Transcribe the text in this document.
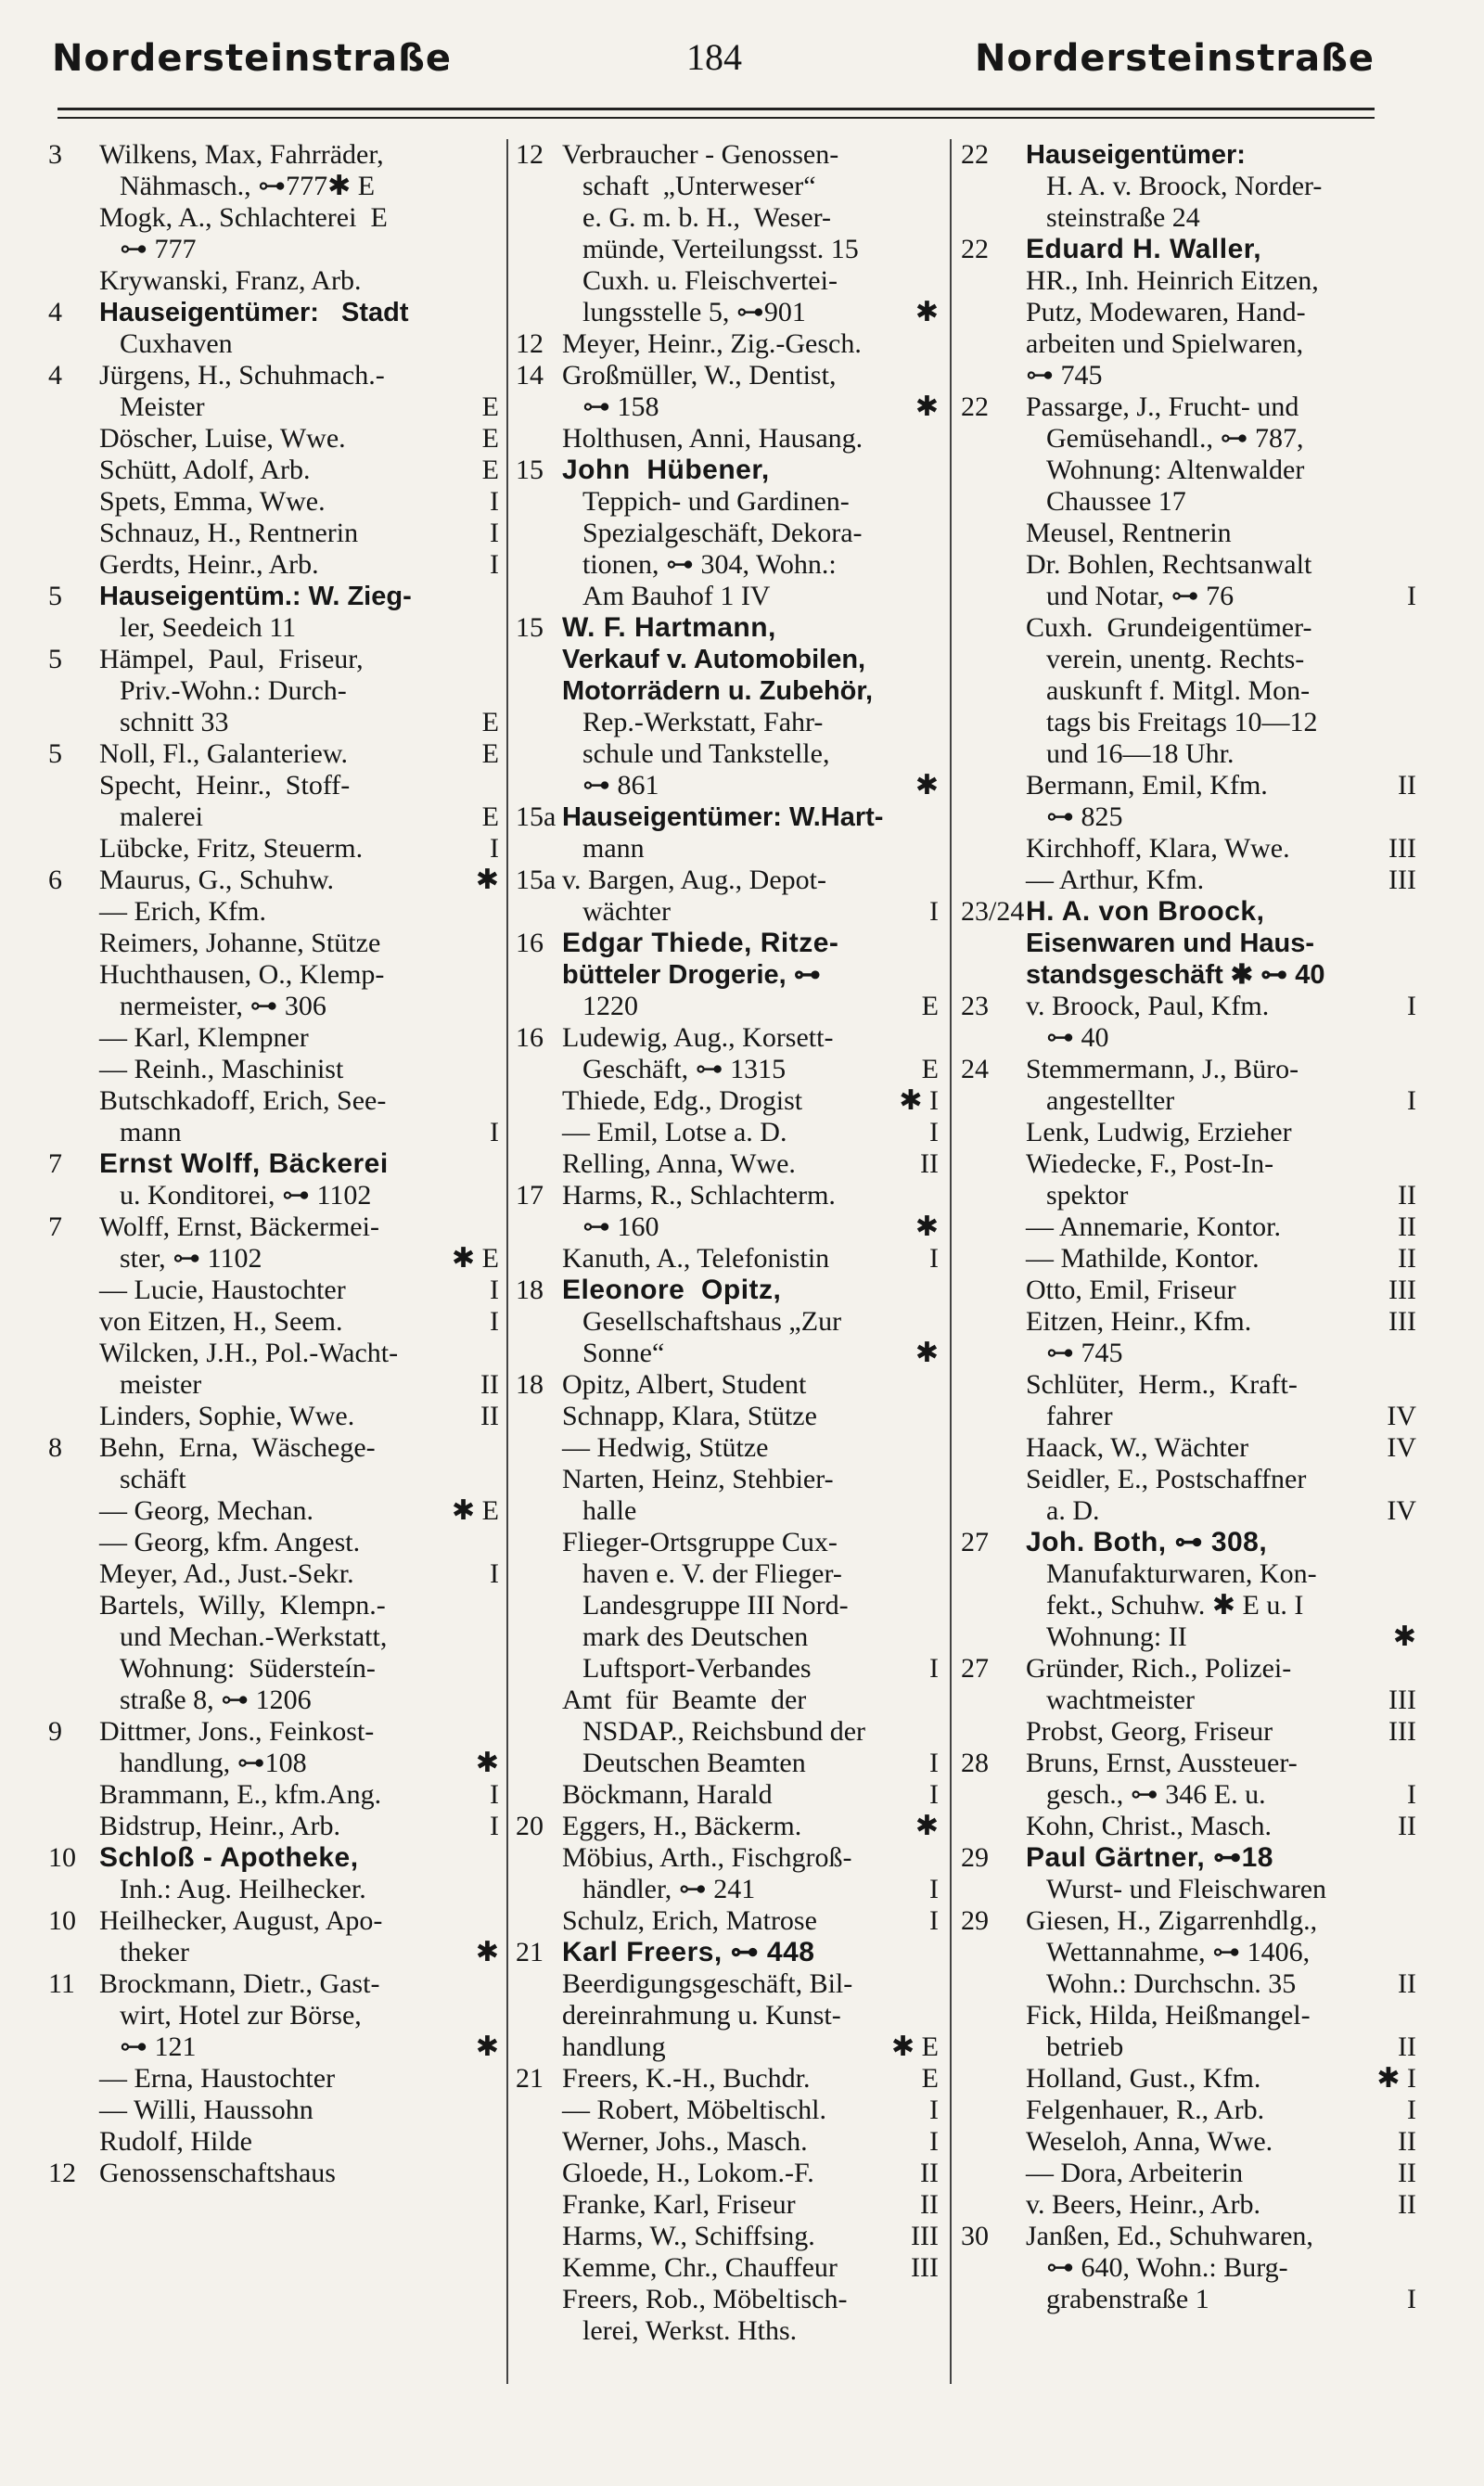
Nordersteinstraße	184	Nordersteinstraße
3 Wilkens, Max, Fahrräder,
Nähmasch., ⊶777✱ E
Mogk, A., Schlachterei  E
⊶ 777
Krywanski, Franz, Arb.
4 Hauseigentümer:   Stadt
Cuxhaven
4 Jürgens, H., Schuhmach.-
Meister	E
Döscher, Luise, Wwe.	E
Schütt, Adolf, Arb.	E
Spets, Emma, Wwe.	I
Schnauz, H., Rentnerin	I
Gerdts, Heinr., Arb.	I
5 Hauseigentüm.: W. Zieg-
ler, Seedeich 11
5 Hämpel,  Paul,  Friseur,
Priv.-Wohn.: Durch-
schnitt 33	E
5 Noll, Fl., Galanteriew.	E
Specht,  Heinr.,  Stoff-
malerei	E
Lübcke, Fritz, Steuerm.	I
6 Maurus, G., Schuhw.	✱
— Erich, Kfm.
Reimers, Johanne, Stütze
Huchthausen, O., Klemp-
nermeister, ⊶ 306
— Karl, Klempner
— Reinh., Maschinist
Butschkadoff, Erich, See-
mann	I
7 Ernst Wolff, Bäckerei
u. Konditorei, ⊶ 1102
7 Wolff, Ernst, Bäckermei-
ster, ⊶ 1102	✱ E
— Lucie, Haustochter	I
von Eitzen, H., Seem.	I
Wilcken, J.H., Pol.-Wacht-
meister	II
Linders, Sophie, Wwe.	II
8 Behn,  Erna,  Wäschege-
schäft
— Georg, Mechan.	✱ E
— Georg, kfm. Angest.
Meyer, Ad., Just.-Sekr.	I
Bartels,  Willy,  Klempn.-
und Mechan.-Werkstatt,
Wohnung:  Südersteín-
straße 8, ⊶ 1206
9 Dittmer, Jons., Feinkost-
handlung, ⊶108	✱
Brammann, E., kfm.Ang.	I
Bidstrup, Heinr., Arb.	I
10 Schloß - Apotheke,
Inh.: Aug. Heilhecker.
10 Heilhecker, August, Apo-
theker	✱
11 Brockmann, Dietr., Gast-
wirt, Hotel zur Börse,
⊶ 121	✱
— Erna, Haustochter
— Willi, Haussohn
Rudolf, Hilde
12 Genossenschaftshaus
12 Verbraucher - Genossen-
schaft  „Unterweser“
e. G. m. b. H.,  Weser-
münde, Verteilungsst. 15
Cuxh. u. Fleischvertei-
lungsstelle 5, ⊶901	✱
12 Meyer, Heinr., Zig.-Gesch.
14 Großmüller, W., Dentist,
⊶ 158	✱
Holthusen, Anni, Hausang.
15 John  Hübener,
Teppich- und Gardinen-
Spezialgeschäft, Dekora-
tionen, ⊶ 304, Wohn.:
Am Bauhof 1 IV
15 W. F. Hartmann,
Verkauf v. Automobilen,
Motorrädern u. Zubehör,
Rep.-Werkstatt, Fahr-
schule und Tankstelle,
⊶ 861	✱
15a Hauseigentümer: W.Hart-
mann
15a v. Bargen, Aug., Depot-
wächter	I
16 Edgar Thiede, Ritze-
bütteler Drogerie, ⊶
1220	E
16 Ludewig, Aug., Korsett-
Geschäft, ⊶ 1315	E
Thiede, Edg., Drogist	✱ I
— Emil, Lotse a. D.	I
Relling, Anna, Wwe.	II
17 Harms, R., Schlachterm.
⊶ 160	✱
Kanuth, A., Telefonistin	I
18 Eleonore  Opitz,
Gesellschaftshaus „Zur
Sonne“	✱
18 Opitz, Albert, Student
Schnapp, Klara, Stütze
— Hedwig, Stütze
Narten, Heinz, Stehbier-
halle
Flieger-Ortsgruppe Cux-
haven e. V. der Flieger-
Landesgruppe III Nord-
mark des Deutschen
Luftsport-Verbandes	I
Amt  für  Beamte  der
NSDAP., Reichsbund der
Deutschen Beamten	I
Böckmann, Harald	I
20 Eggers, H., Bäckerm.	✱
Möbius, Arth., Fischgroß-
händler, ⊶ 241	I
Schulz, Erich, Matrose	I
21 Karl Freers, ⊶ 448
Beerdigungsgeschäft, Bil-
dereinrahmung u. Kunst-
handlung	✱ E
21 Freers, K.-H., Buchdr.	E
— Robert, Möbeltischl.	I
Werner, Johs., Masch.	I
Gloede, H., Lokom.-F.	II
Franke, Karl, Friseur	II
Harms, W., Schiffsing.	III
Kemme, Chr., Chauffeur	III
Freers, Rob., Möbeltisch-
lerei, Werkst. Hths.
22 Hauseigentümer:
H. A. v. Broock, Norder-
steinstraße 24
22 Eduard H. Waller,
HR., Inh. Heinrich Eitzen,
Putz, Modewaren, Hand-
arbeiten und Spielwaren,
⊶ 745
22 Passarge, J., Frucht- und
Gemüsehandl., ⊶ 787,
Wohnung: Altenwalder
Chaussee 17
Meusel, Rentnerin
Dr. Bohlen, Rechtsanwalt
und Notar, ⊶ 76	I
Cuxh.  Grundeigentümer-
verein, unentg. Rechts-
auskunft f. Mitgl. Mon-
tags bis Freitags 10—12
und 16—18 Uhr.
Bermann, Emil, Kfm.	II
⊶ 825
Kirchhoff, Klara, Wwe.	III
— Arthur, Kfm.	III
23/24 H. A. von Broock,
Eisenwaren und Haus-
standsgeschäft ✱ ⊶ 40
23 v. Broock, Paul, Kfm.	I
⊶ 40
24 Stemmermann, J., Büro-
angestellter	I
Lenk, Ludwig, Erzieher
Wiedecke, F., Post-In-
spektor	II
— Annemarie, Kontor.	II
— Mathilde, Kontor.	II
Otto, Emil, Friseur	III
Eitzen, Heinr., Kfm.	III
⊶ 745
Schlüter,  Herm.,  Kraft-
fahrer	IV
Haack, W., Wächter	IV
Seidler, E., Postschaffner
a. D.	IV
27 Joh. Both, ⊶ 308,
Manufakturwaren, Kon-
fekt., Schuhw. ✱ E u. I
Wohnung: II	✱
27 Gründer, Rich., Polizei-
wachtmeister	III
Probst, Georg, Friseur	III
28 Bruns, Ernst, Aussteuer-
gesch., ⊶ 346 E. u.	I
Kohn, Christ., Masch.	II
29 Paul Gärtner, ⊶18
Wurst- und Fleischwaren
29 Giesen, H., Zigarrenhdlg.,
Wettannahme, ⊶ 1406,
Wohn.: Durchschn. 35	II
Fick, Hilda, Heißmangel-
betrieb	II
Holland, Gust., Kfm.	✱ I
Felgenhauer, R., Arb.	I
Weseloh, Anna, Wwe.	II
— Dora, Arbeiterin	II
v. Beers, Heinr., Arb.	II
30 Janßen, Ed., Schuhwaren,
⊶ 640, Wohn.: Burg-
grabenstraße 1	I
